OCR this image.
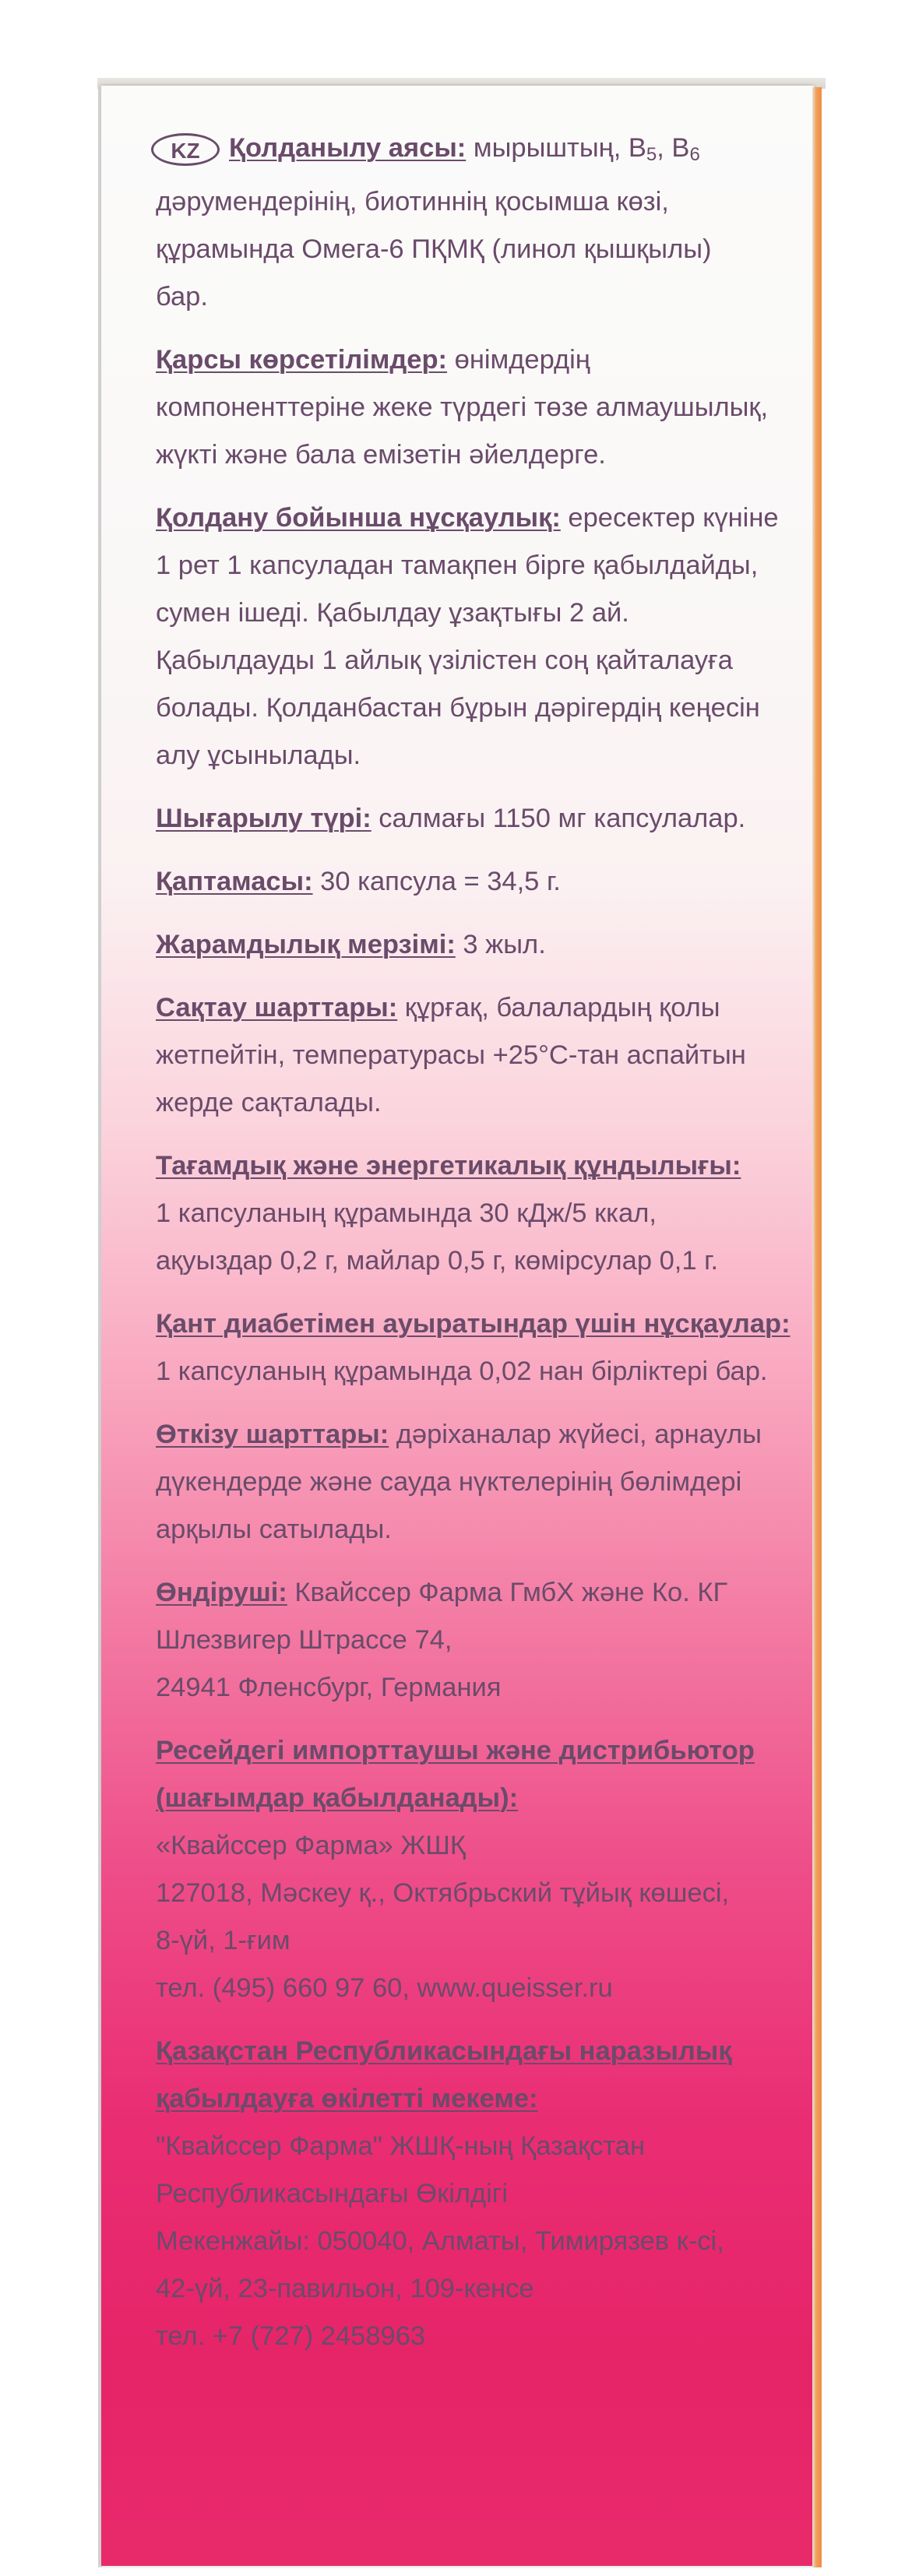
KZ Қолданылу аясы: мырыштың, $В_5$, $В_6$
дәрумендерінің, биотиннің қосымша көзі,
құрамында Омега-6 ПҚМҚ (линол қышқылы)
бар.
Қарсы көрсетілімдер: өнімдердің
компоненттеріне жеке түрдегі төзе алмаушылық,
жүкті және бала емізетін әйелдерге.
Қолдану бойынша нұсқаулық: ересектер күніне
1 рет 1 капсуладан тамақпен бірге қабылдайды,
сумен ішеді. Қабылдау ұзақтығы 2 ай.
Қабылдауды 1 айлық үзілістен соң қайталауға
болады. Қолданбастан бұрын дәрігердің кеңесін
алу ұсынылады.
Шығарылу түрі: салмағы 1150 мг капсулалар.
Қаптамасы: 30 капсула = 34,5 г.
Жарамдылық мерзімі: 3 жыл.
Сақтау шарттары: құрғақ, балалардың қолы
жетпейтін, температурасы +25°С-тан аспайтын
жерде сақталады.
Тағамдық және энергетикалық құндылығы:
1 капсуланың құрамында 30 кДж/5 ккал,
ақуыздар 0,2 г, майлар 0,5 г, көмірсулар 0,1 г.
Қант диабетімен ауыратындар үшін нұсқаулар:
1 капсуланың құрамында 0,02 нан бірліктері бар.
Өткізу шарттары: дәріханалар жүйесі, арнаулы
дүкендерде және сауда нүктелерінің бөлімдері
арқылы сатылады.
Өндіруші: Квайссер Фарма ГмбХ және Ко. КГ
Шлезвигер Штрассе 74,
24941 Фленсбург, Германия
Ресейдегі импорттаушы және дистрибьютор
(шағымдар қабылданады):
«Квайссер Фарма» ЖШҚ
127018, Мәскеу қ., Октябрьский тұйық көшесі,
8-үй, 1-ғим
тел. (495) 660 97 60, www.queisser.ru
Қазақстан Республикасындағы наразылық
қабылдауға өкілетті мекеме:
"Квайссер Фарма" ЖШҚ-ның Қазақстан
Республикасындағы Өкілдігі
Мекенжайы: 050040, Алматы, Тимирязев к-сі,
42-үй, 23-павильон, 109-кенсе
тел. +7 (727) 2458963
